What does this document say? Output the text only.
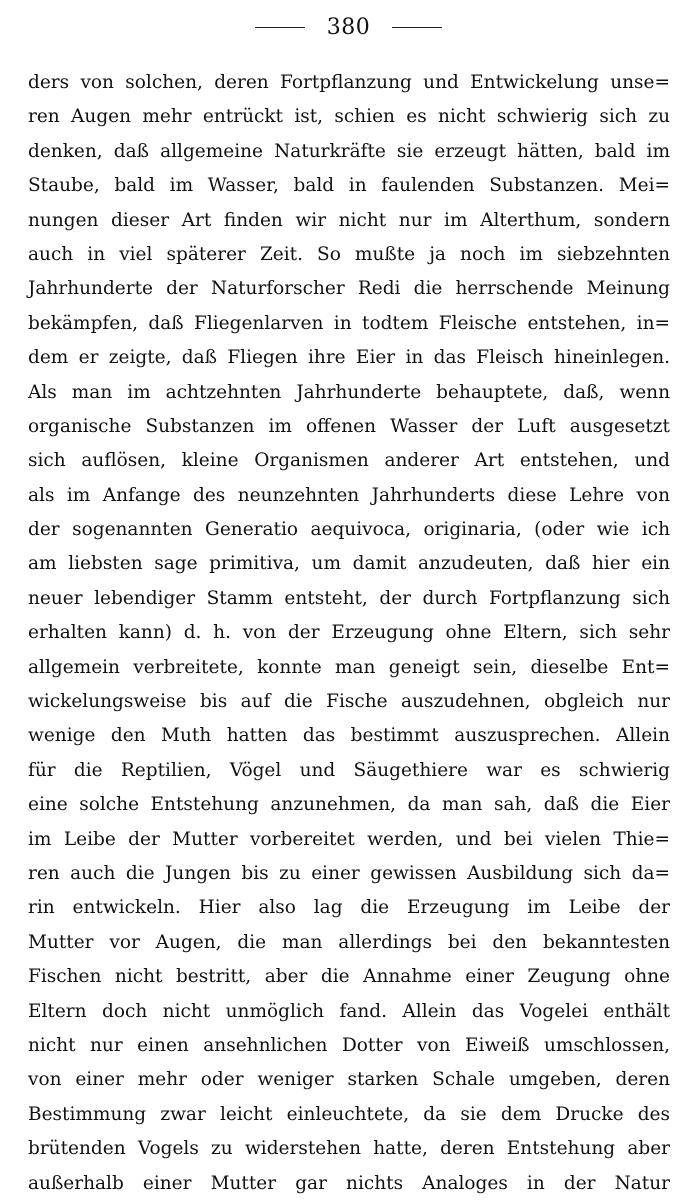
380
ders von solchen, deren Fortpflanzung und Entwickelung unse=
ren Augen mehr entrückt ist, schien es nicht schwierig sich zu
denken, daß allgemeine Naturkräfte sie erzeugt hätten, bald im
Staube, bald im Wasser, bald in faulenden Substanzen. Mei=
nungen dieser Art finden wir nicht nur im Alterthum, sondern
auch in viel späterer Zeit. So mußte ja noch im siebzehnten
Jahrhunderte der Naturforscher Redi die herrschende Meinung
bekämpfen, daß Fliegenlarven in todtem Fleische entstehen, in=
dem er zeigte, daß Fliegen ihre Eier in das Fleisch hineinlegen.
Als man im achtzehnten Jahrhunderte behauptete, daß, wenn
organische Substanzen im offenen Wasser der Luft ausgesetzt
sich auflösen, kleine Organismen anderer Art entstehen, und
als im Anfange des neunzehnten Jahrhunderts diese Lehre von
der sogenannten Generatio aequivoca, originaria, (oder wie ich
am liebsten sage primitiva, um damit anzudeuten, daß hier ein
neuer lebendiger Stamm entsteht, der durch Fortpflanzung sich
erhalten kann) d. h. von der Erzeugung ohne Eltern, sich sehr
allgemein verbreitete, konnte man geneigt sein, dieselbe Ent=
wickelungsweise bis auf die Fische auszudehnen, obgleich nur
wenige den Muth hatten das bestimmt auszusprechen. Allein
für die Reptilien, Vögel und Säugethiere war es schwierig
eine solche Entstehung anzunehmen, da man sah, daß die Eier
im Leibe der Mutter vorbereitet werden, und bei vielen Thie=
ren auch die Jungen bis zu einer gewissen Ausbildung sich da=
rin entwickeln. Hier also lag die Erzeugung im Leibe der
Mutter vor Augen, die man allerdings bei den bekanntesten
Fischen nicht bestritt, aber die Annahme einer Zeugung ohne
Eltern doch nicht unmöglich fand. Allein das Vogelei enthält
nicht nur einen ansehnlichen Dotter von Eiweiß umschlossen,
von einer mehr oder weniger starken Schale umgeben, deren
Bestimmung zwar leicht einleuchtete, da sie dem Drucke des
brütenden Vogels zu widerstehen hatte, deren Entstehung aber
außerhalb einer Mutter gar nichts Analoges in der Natur
